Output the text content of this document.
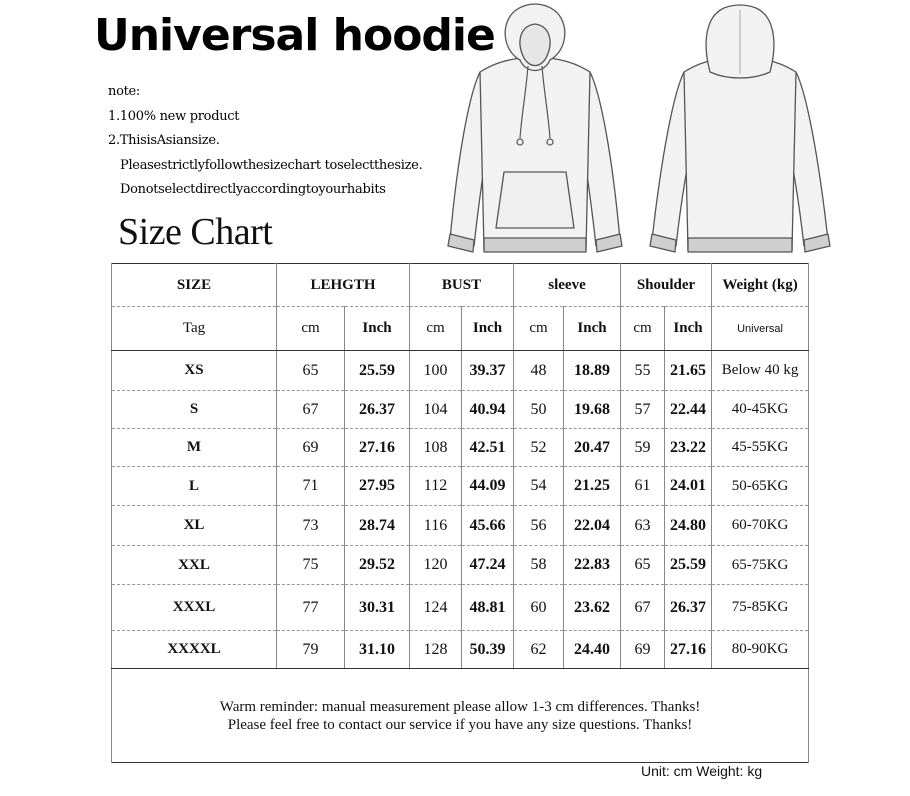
Universal hoodie
note:
1.100% new product
2.ThisisAsiansize.
Pleasestrictlyfollowthesizechart toselectthesize.
Donotselectdirectlyaccordingtoyourhabits
Size Chart
SIZE	LEHGTH		BUST		sleeve		Shoulder		Weight (kg)
Tag	cm	Inch	cm	Inch	cm	Inch	cm	Inch	Universal
XS	65	25.59	100	39.37	48	18.89	55	21.65	Below 40 kg
S	67	26.37	104	40.94	50	19.68	57	22.44	40-45KG
M	69	27.16	108	42.51	52	20.47	59	23.22	45-55KG
L	71	27.95	112	44.09	54	21.25	61	24.01	50-65KG
XL	73	28.74	116	45.66	56	22.04	63	24.80	60-70KG
XXL	75	29.52	120	47.24	58	22.83	65	25.59	65-75KG
XXXL	77	30.31	124	48.81	60	23.62	67	26.37	75-85KG
XXXXL	79	31.10	128	50.39	62	24.40	69	27.16	80-90KG

Warm reminder: manual measurement please allow 1-3 cm differences. Thanks!
Please feel free to contact our service if you have any size questions. Thanks!									
Unit: cm Weight: kg
